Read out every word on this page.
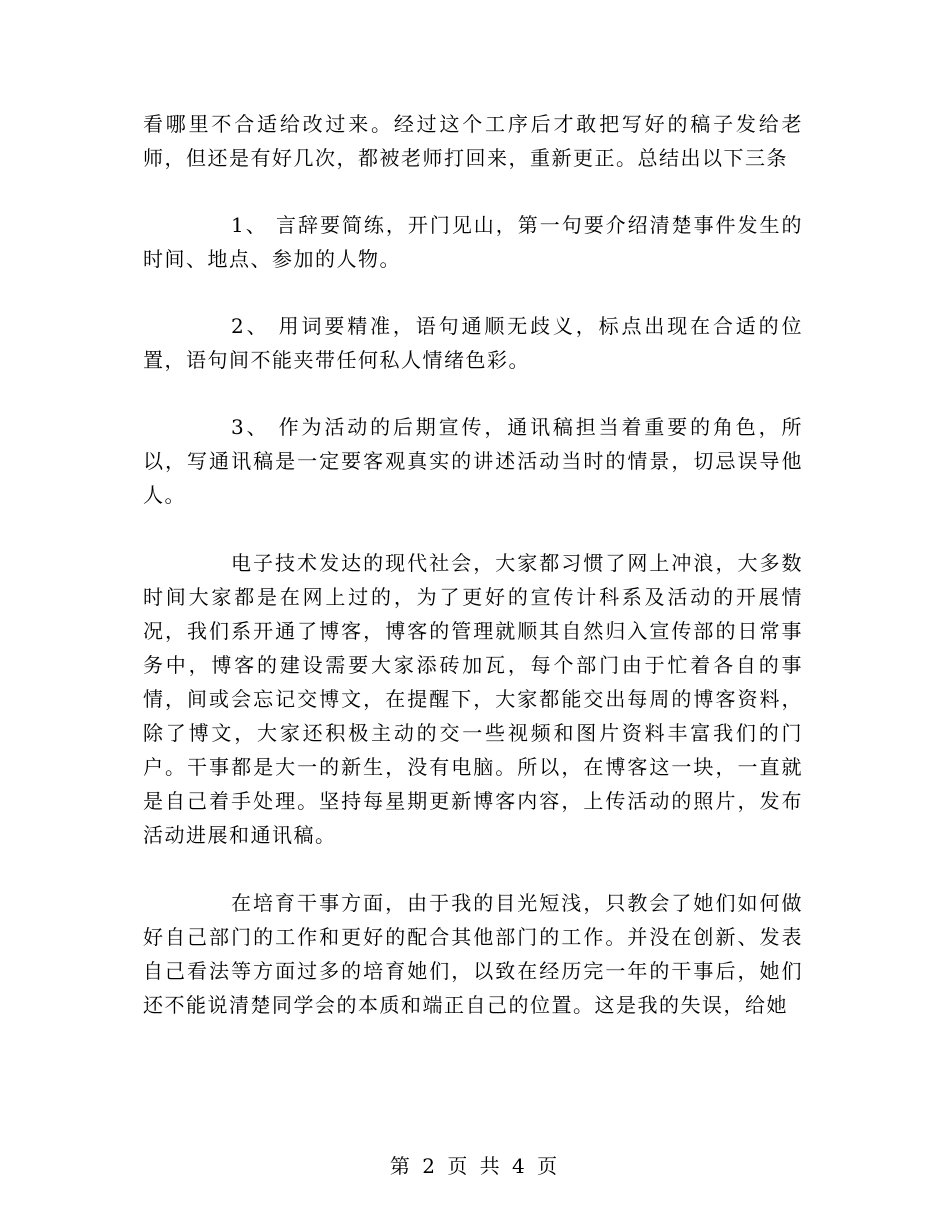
看哪里不合适给改过来。经过这个工序后才敢把写好的稿子发给老师，但还是有好几次，都被老师打回来，重新更正。总结出以下三条

1、 言辞要简练，开门见山，第一句要介绍清楚事件发生的时间、地点、参加的人物。

2、 用词要精准，语句通顺无歧义，标点出现在合适的位置，语句间不能夹带任何私人情绪色彩。

3、 作为活动的后期宣传，通讯稿担当着重要的角色，所以，写通讯稿是一定要客观真实的讲述活动当时的情景，切忌误导他人。

电子技术发达的现代社会，大家都习惯了网上冲浪，大多数时间大家都是在网上过的，为了更好的宣传计科系及活动的开展情况，我们系开通了博客，博客的管理就顺其自然归入宣传部的日常事务中，博客的建设需要大家添砖加瓦，每个部门由于忙着各自的事情，间或会忘记交博文，在提醒下，大家都能交出每周的博客资料，除了博文，大家还积极主动的交一些视频和图片资料丰富我们的门户。干事都是大一的新生，没有电脑。所以，在博客这一块，一直就是自己着手处理。坚持每星期更新博客内容，上传活动的照片，发布活动进展和通讯稿。

在培育干事方面，由于我的目光短浅，只教会了她们如何做好自己部门的工作和更好的配合其他部门的工作。并没在创新、发表自己看法等方面过多的培育她们，以致在经历完一年的干事后，她们还不能说清楚同学会的本质和端正自己的位置。这是我的失误，给她

第 2 页 共 4 页
